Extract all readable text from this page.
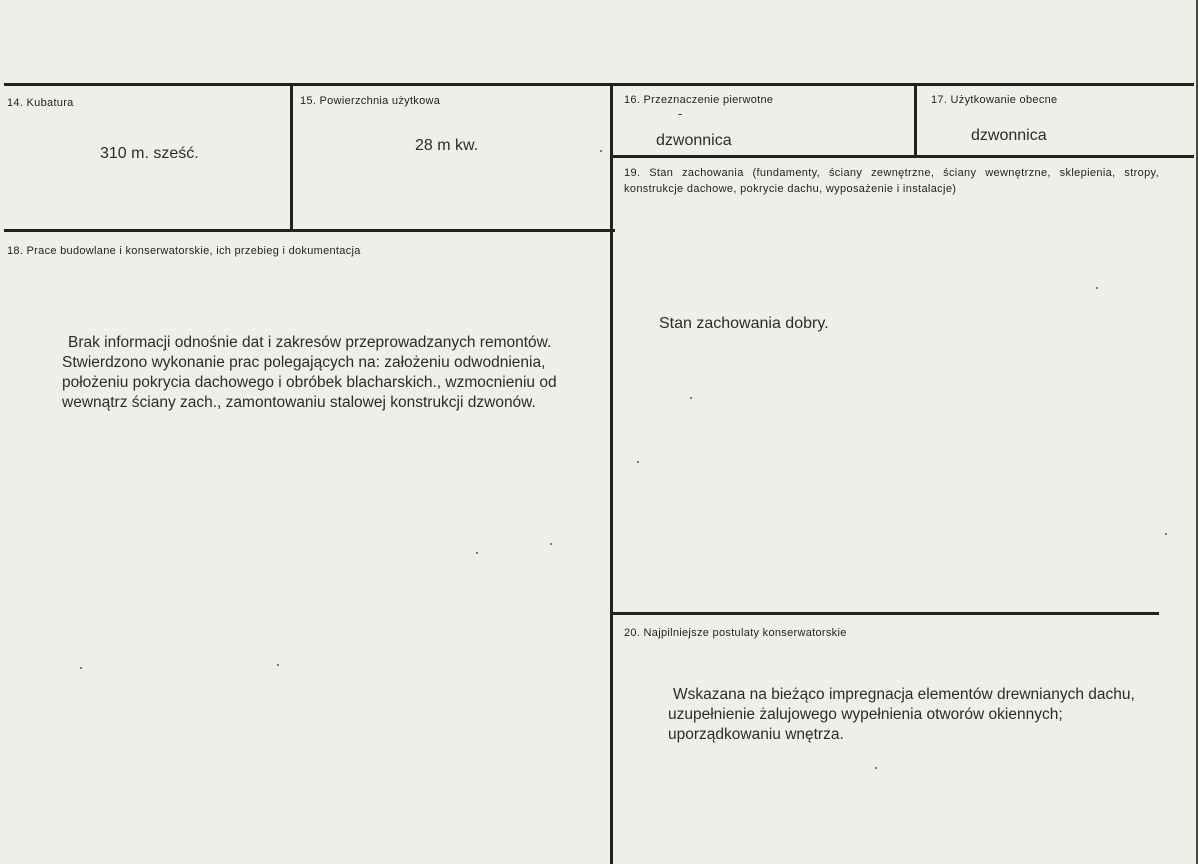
14. Kubatura
310 m. sześć.
15. Powierzchnia użytkowa
28 m kw.
16. Przeznaczenie pierwotne
-
dzwonnica
17. Użytkowanie obecne
dzwonnica
18. Prace budowlane i konserwatorskie, ich przebieg i dokumentacja
Brak informacji odnośnie dat i zakresów przeprowadzanych remontów.
Stwierdzono wykonanie prac polegających na: założeniu odwodnienia,
położeniu pokrycia dachowego i obróbek blacharskich., wzmocnieniu od
wewnątrz ściany zach., zamontowaniu stalowej konstrukcji dzwonów.
19. Stan zachowania (fundamenty, ściany zewnętrzne, ściany wewnętrzne, sklepienia, stropy, konstrukcje dachowe, pokrycie dachu, wyposażenie i instalacje)
Stan zachowania dobry.
20. Najpilniejsze postulaty konserwatorskie
Wskazana na bieżąco impregnacja elementów drewnianych dachu,
uzupełnienie żalujowego wypełnienia otworów okiennych;
uporządkowaniu wnętrza.
